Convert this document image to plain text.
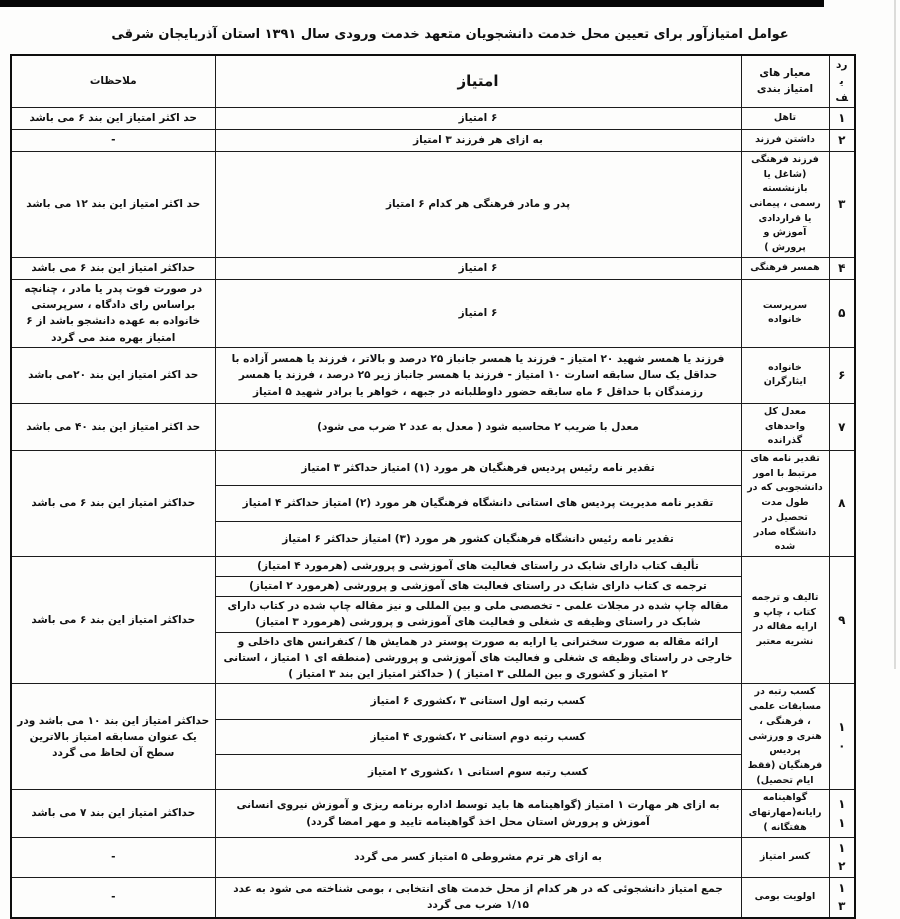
عوامل امتیازآور برای تعیین محل خدمت دانشجویان متعهد خدمت ورودی سال ۱۳۹۱ استان آذربایجان شرقی
ردیف	معیار های امتیاز بندی	امتیاز	ملاحظات
۱	تاهل	۶ امتیاز	حد اکثر امتیاز این بند ۶ می باشد
۲	داشتن فرزند	به ازای هر فرزند ۳ امتیاز	-
۳	فرزند فرهنگی (شاغل یا بازنشسته رسمی ، پیمانی یا قراردادی آموزش و پرورش )	پدر و مادر فرهنگی هر کدام ۶ امتیاز	حد اکثر امتیاز این بند ۱۲ می باشد
۴	همسر فرهنگی	۶ امتیاز	حداکثر امتیاز این بند ۶ می باشد
۵	سرپرست خانواده	۶ امتیاز	در صورت فوت پدر یا مادر ، چنانچه براساس رای دادگاه ، سرپرستی خانواده به عهده دانشجو باشد از ۶ امتیاز بهره مند می گردد
۶	خانواده ایثارگران	فرزند یا همسر شهید ۲۰ امتیاز - فرزند یا همسر جانباز ۲۵ درصد و بالاتر ، فرزند یا همسر آزاده با حداقل یک سال سابقه اسارت ۱۰ امتیاز - فرزند یا همسر جانباز زیر ۲۵ درصد ، فرزند یا همسر رزمندگان با حداقل ۶ ماه سابقه حضور داوطلبانه در جبهه ، خواهر یا برادر شهید ۵ امتیاز	حد اکثر امتیاز این بند ۲۰می باشد
۷	معدل کل واحدهای گذرانده	معدل با ضریب ۲ محاسبه شود ( معدل به عدد ۲ ضرب می شود)	حد اکثر امتیاز این بند ۴۰ می باشد
۸	تقدیر نامه های مرتبط با امور دانشجویی که در طول مدت تحصیل در دانشگاه صادر شده	تقدیر نامه رئیس پردیس فرهنگیان هر مورد (۱) امتیاز حداکثر ۳ امتیاز	حداکثر امتیاز این بند ۶ می باشد
		تقدیر نامه مدیریت پردیس های استانی دانشگاه فرهنگیان هر مورد (۲) امتیاز حداکثر ۴ امتیاز	
		تقدیر نامه رئیس دانشگاه فرهنگیان کشور هر مورد (۳) امتیاز حداکثر ۶ امتیاز	
۹	تالیف و ترجمه کتاب ، چاپ و ارایه مقاله در نشریه معتبر	تألیف کتاب دارای شابک در راستای فعالیت های آموزشی و پرورشی (هرمورد ۴ امتیاز)	حداکثر امتیاز این بند ۶ می باشد
		ترجمه ی کتاب دارای شابک در راستای فعالیت های آموزشی و پرورشی (هرمورد ۲ امتیاز)	
		مقاله چاپ شده در مجلات علمی - تخصصی ملی و بین المللی و نیز مقاله چاپ شده در کتاب دارای شابک در راستای وظیفه ی شغلی و فعالیت های آموزشی و پرورشی (هرمورد ۳ امتیاز)	
		ارائه مقاله به صورت سخنرانی یا ارایه به صورت پوستر در همایش ها / کنفرانس های داخلی و خارجی در راستای وظیفه ی شغلی و فعالیت های آموزشی و پرورشی (منطقه ای ۱ امتیاز ، استانی ۲ امتیاز و کشوری و بین المللی ۳ امتیاز ) ( حداکثر امتیاز این بند ۳ امتیاز )	
۱۰	کسب رتبه در مسابقات علمی ، فرهنگی ، هنری و ورزشی پردیس فرهنگیان (فقط ایام تحصیل)	کسب رتبه اول استانی ۳ ،کشوری ۶ امتیاز	حداکثر امتیاز این بند ۱۰ می باشد ودر یک عنوان مسابقه امتیاز بالاترین سطح آن لحاظ می گردد
		کسب رتبه دوم استانی ۲ ،کشوری ۴ امتیاز	
		کسب رتبه سوم استانی ۱ ،کشوری ۲ امتیاز	
۱۱	گواهینامه رایانه(مهارتهای هفتگانه )	به ازای هر مهارت ۱ امتیاز (گواهینامه ها باید توسط اداره برنامه ریزی و آموزش نیروی انسانی آموزش و پرورش استان محل اخذ گواهینامه تایید و مهر امضا گردد)	حداکثر امتیاز این بند ۷ می باشد
۱۲	کسر امتیاز	به ازای هر ترم مشروطی ۵ امتیاز کسر می گردد	-
۱۳	اولویت بومی	جمع امتیاز دانشجوئی که در هر کدام از محل خدمت های انتخابی ، بومی شناخته می شود به عدد ۱/۱۵ ضرب می گردد	-
